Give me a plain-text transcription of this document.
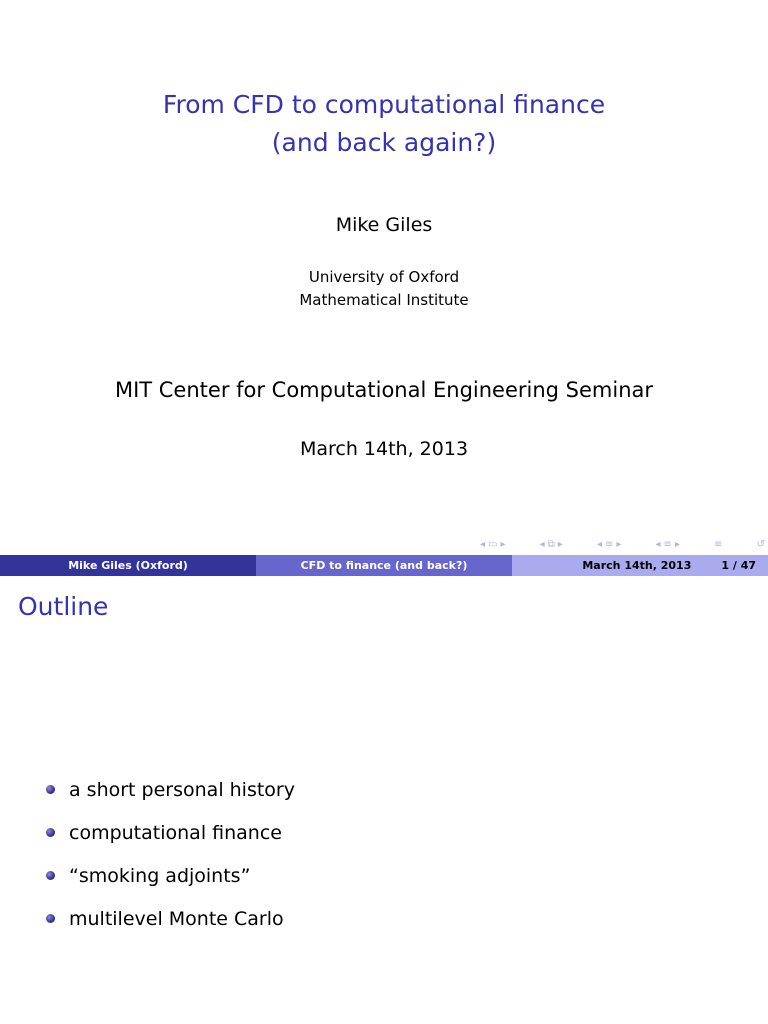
From CFD to computational finance
(and back again?)
Mike Giles
University of Oxford
Mathematical Institute
MIT Center for Computational Engineering Seminar
March 14th, 2013
◂ ▭ ▸	◂ ⧉ ▸	◂ ≡ ▸	◂ ≡ ▸	≡	↺
Mike Giles (Oxford)	CFD to finance (and back?)	March 14th, 2013	1 / 47
Outline
a short personal history
computational finance
“smoking adjoints”
multilevel Monte Carlo
